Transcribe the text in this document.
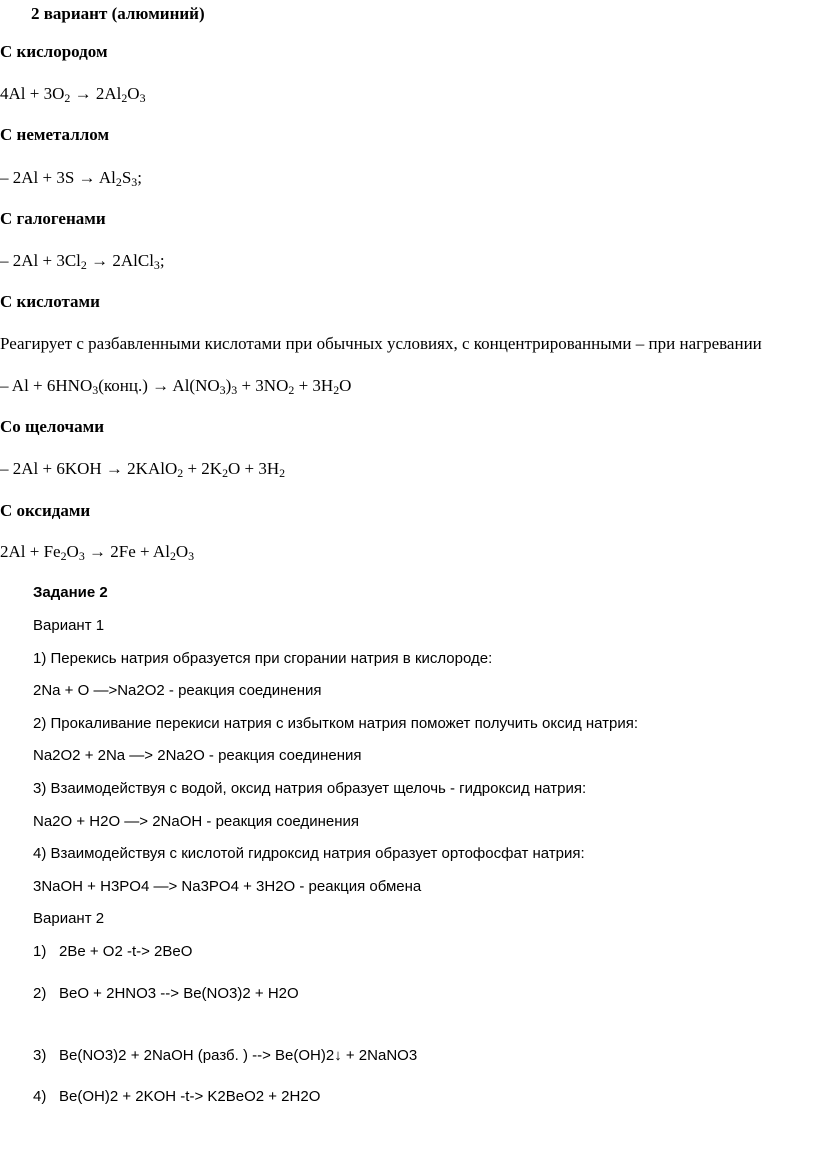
2 вариант (алюминий)
С кислородом
$4Al + 3O_2 \to 2Al_2O_3$
С неметаллом
– $2Al + 3S \to Al_2S_3$;
С галогенами
– $2Al + 3Cl_2$ → 2AlCl$_3$;
С кислотами
Реагирует с разбавленными кислотами при обычных условиях, с концентрированными – при нагревании
– $Al + 6HNO_3(конц.) \to Al(NO_3)_3 + 3NO_2 + 3H_2O$
Со щелочами
– 2Al + 6KOH → 2KAlO$_2$ + $2K_2O + 3H_2$
С оксидами
$2Al + Fe_2O_3 \to 2Fe + Al_2O_3$
Задание 2
Вариант 1
1) Перекись натрия образуется при сгорании натрия в кислороде:
2Na + O —>Na2O2 - реакция соединения
2) Прокаливание перекиси натрия с избытком натрия поможет получить оксид натрия:
Na2O2 + 2Na —> 2Na2O - реакция соединения
3) Взаимодействуя с водой, оксид натрия образует щелочь - гидроксид натрия:
Na2O + H2O —> 2NaOH - реакция соединения
4) Взаимодействуя с кислотой гидроксид натрия образует ортофосфат натрия:
3NaOH + H3PO4 —> Na3PO4 + 3H2O - реакция обмена
Вариант 2
1) 2Be + O2 -t-> 2BeO
2) BeO + 2HNO3 --> Be(NO3)2 + H2O
3) Be(NO3)2 + 2NaOH (разб. ) --> Be(OH)2↓ + 2NaNO3
4) Be(OH)2 + 2KOH -t-> K2BeO2 + 2H2O
